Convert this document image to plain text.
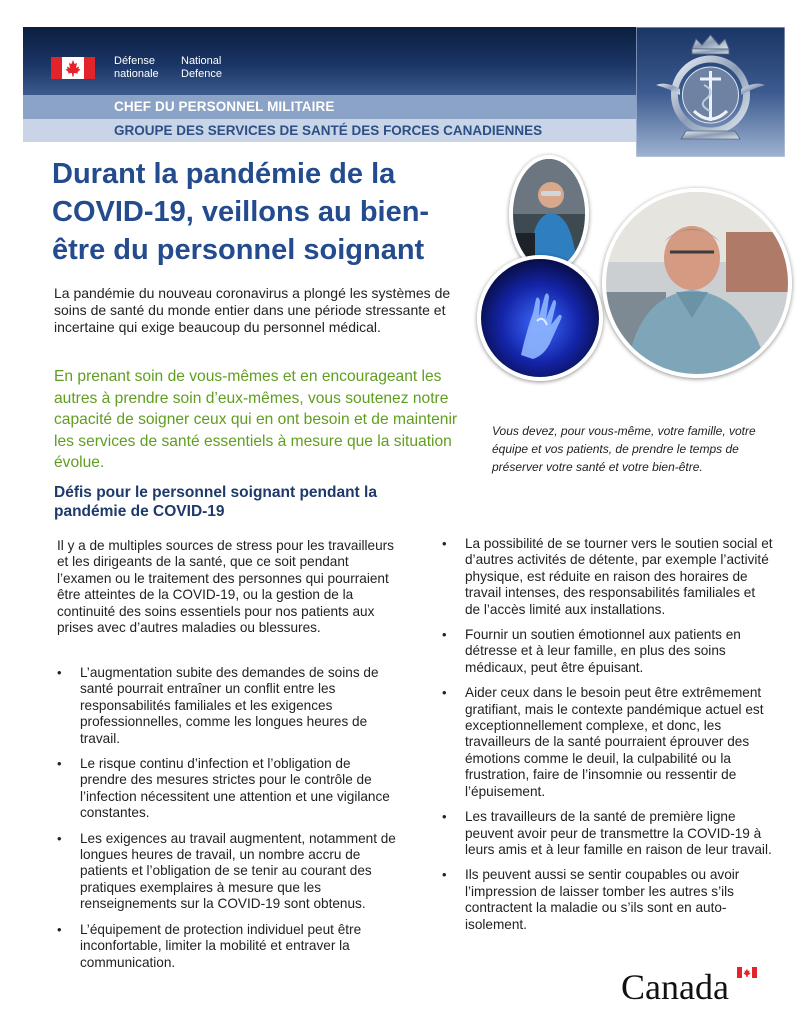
Défense
nationale
National
Defence
CHEF DU PERSONNEL MILITAIRE
GROUPE DES SERVICES DE SANTÉ DES FORCES CANADIENNES
Durant la pandémie de la COVID-19, veillons au bien-être du personnel soignant

La pandémie du nouveau coronavirus a plongé les systèmes de soins de santé du monde entier dans une période stressante et incertaine qui exige beaucoup du personnel médical.

En prenant soin de vous-mêmes et en encourageant les autres à prendre soin d’eux-mêmes, vous soutenez notre capacité de soigner ceux qui en ont besoin et de maintenir les services de santé essentiels à mesure que la situation évolue.

Vous devez, pour vous-même, votre famille, votre équipe et vos patients, de prendre le temps de préserver votre santé et votre bien-être.

Défis pour le personnel soignant pendant la pandémie de COVID-19

Il y a de multiples sources de stress pour les travailleurs et les dirigeants de la santé, que ce soit pendant l’examen ou le traitement des personnes qui pourraient être atteintes de la COVID-19, ou la gestion de la continuité des soins essentiels pour nos patients aux prises avec d’autres maladies ou blessures.

• L’augmentation subite des demandes de soins de santé pourrait entraîner un conflit entre les responsabilités familiales et les exigences professionnelles, comme les longues heures de travail.
• Le risque continu d’infection et l’obligation de prendre des mesures strictes pour le contrôle de l’infection nécessitent une attention et une vigilance constantes.
• Les exigences au travail augmentent, notamment de longues heures de travail, un nombre accru de patients et l’obligation de se tenir au courant des pratiques exemplaires à mesure que les renseignements sur la COVID-19 sont obtenus.
• L’équipement de protection individuel peut être inconfortable, limiter la mobilité et entraver la communication.
• La possibilité de se tourner vers le soutien social et d’autres activités de détente, par exemple l’activité physique, est réduite en raison des horaires de travail intenses, des responsabilités familiales et de l’accès limité aux installations.
• Fournir un soutien émotionnel aux patients en détresse et à leur famille, en plus des soins médicaux, peut être épuisant.
• Aider ceux dans le besoin peut être extrêmement gratifiant, mais le contexte pandémique actuel est exceptionnellement complexe, et donc, les travailleurs de la santé pourraient éprouver des émotions comme le deuil, la culpabilité ou la frustration, faire de l’insomnie ou ressentir de l’épuisement.
• Les travailleurs de la santé de première ligne peuvent avoir peur de transmettre la COVID-19 à leurs amis et à leur famille en raison de leur travail.
• Ils peuvent aussi se sentir coupables ou avoir l’impression de laisser tomber les autres s’ils contractent la maladie ou s’ils sont en auto-isolement.
Canada
